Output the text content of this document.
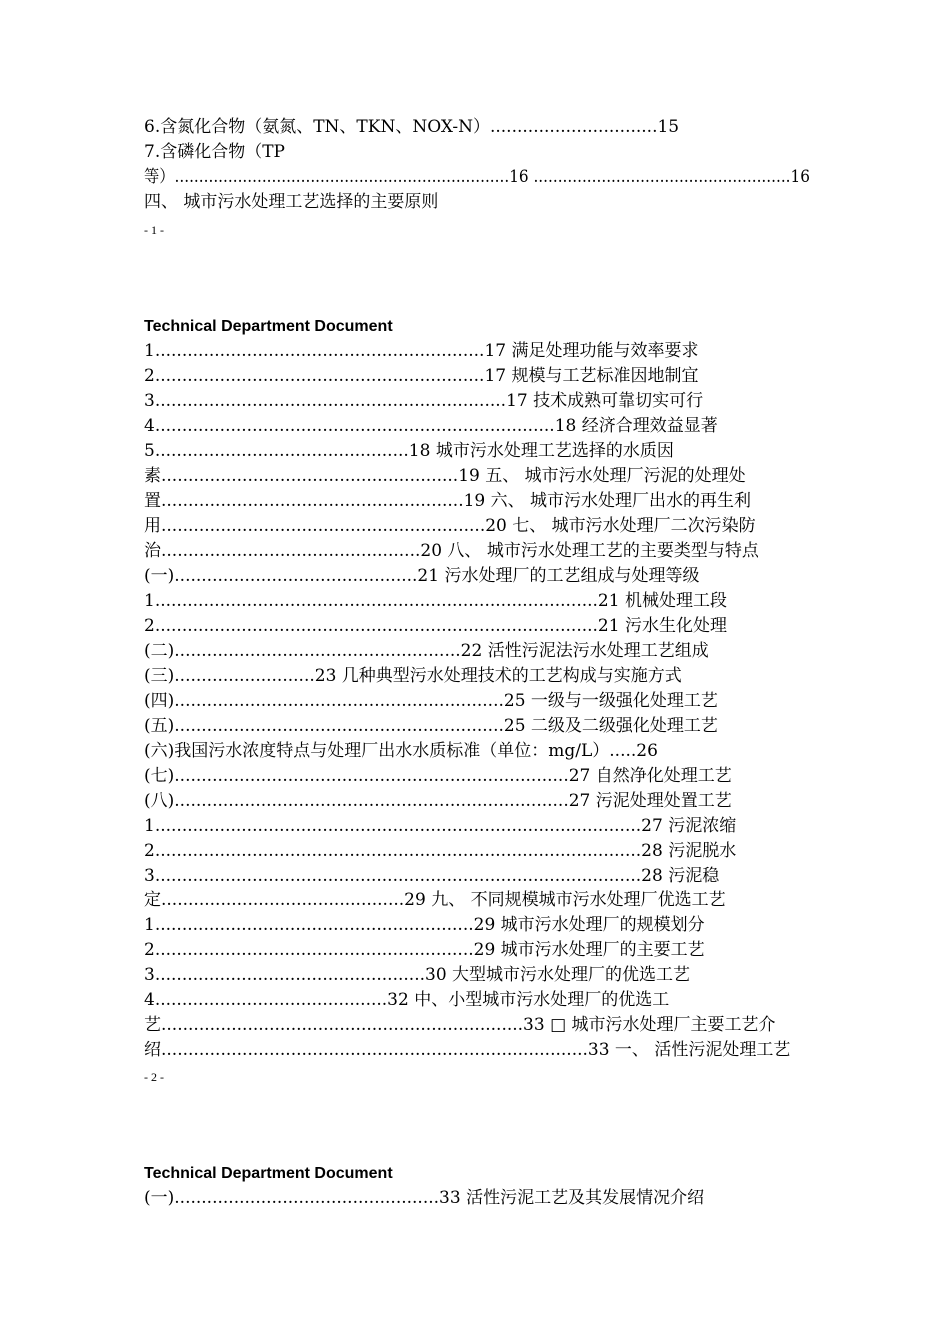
6.含氮化合物（氨氮、TN、TKN、NOX-N）...............................15
7.含磷化合物（TP
等）.....................................................................16 .....................................................16
四、 城市污水处理工艺选择的主要原则
- 1 -
Technical Department Document
1.............................................................17 满足处理功能与效率要求
2.............................................................17 规模与工艺标准因地制宜
3.................................................................17 技术成熟可靠切实可行
4..........................................................................18 经济合理效益显著
5...............................................18 城市污水处理工艺选择的水质因
素.......................................................19 五、 城市污水处理厂污泥的处理处
置........................................................19 六、 城市污水处理厂出水的再生利
用............................................................20 七、 城市污水处理厂二次污染防
治................................................20 八、 城市污水处理工艺的主要类型与特点
(一).............................................21 污水处理厂的工艺组成与处理等级
1..................................................................................21 机械处理工段
2..................................................................................21 污水生化处理
(二).....................................................22 活性污泥法污水处理工艺组成
(三)..........................23 几种典型污水处理技术的工艺构成与实施方式
(四).............................................................25 一级与一级强化处理工艺
(五).............................................................25 二级及二级强化处理工艺
(六)我国污水浓度特点与处理厂出水水质标准（单位：mg/L）.....26
(七).........................................................................27 自然净化处理工艺
(八).........................................................................27 污泥处理处置工艺
1..........................................................................................27 污泥浓缩
2..........................................................................................28 污泥脱水
3..........................................................................................28 污泥稳
定.............................................29 九、 不同规模城市污水处理厂优选工艺
1...........................................................29 城市污水处理厂的规模划分
2...........................................................29 城市污水处理厂的主要工艺
3..................................................30 大型城市污水处理厂的优选工艺
4...........................................32 中、小型城市污水处理厂的优选工
艺...................................................................33 □ 城市污水处理厂主要工艺介
绍...............................................................................33 一、 活性污泥处理工艺
- 2 -
Technical Department Document
(一).................................................33 活性污泥工艺及其发展情况介绍
